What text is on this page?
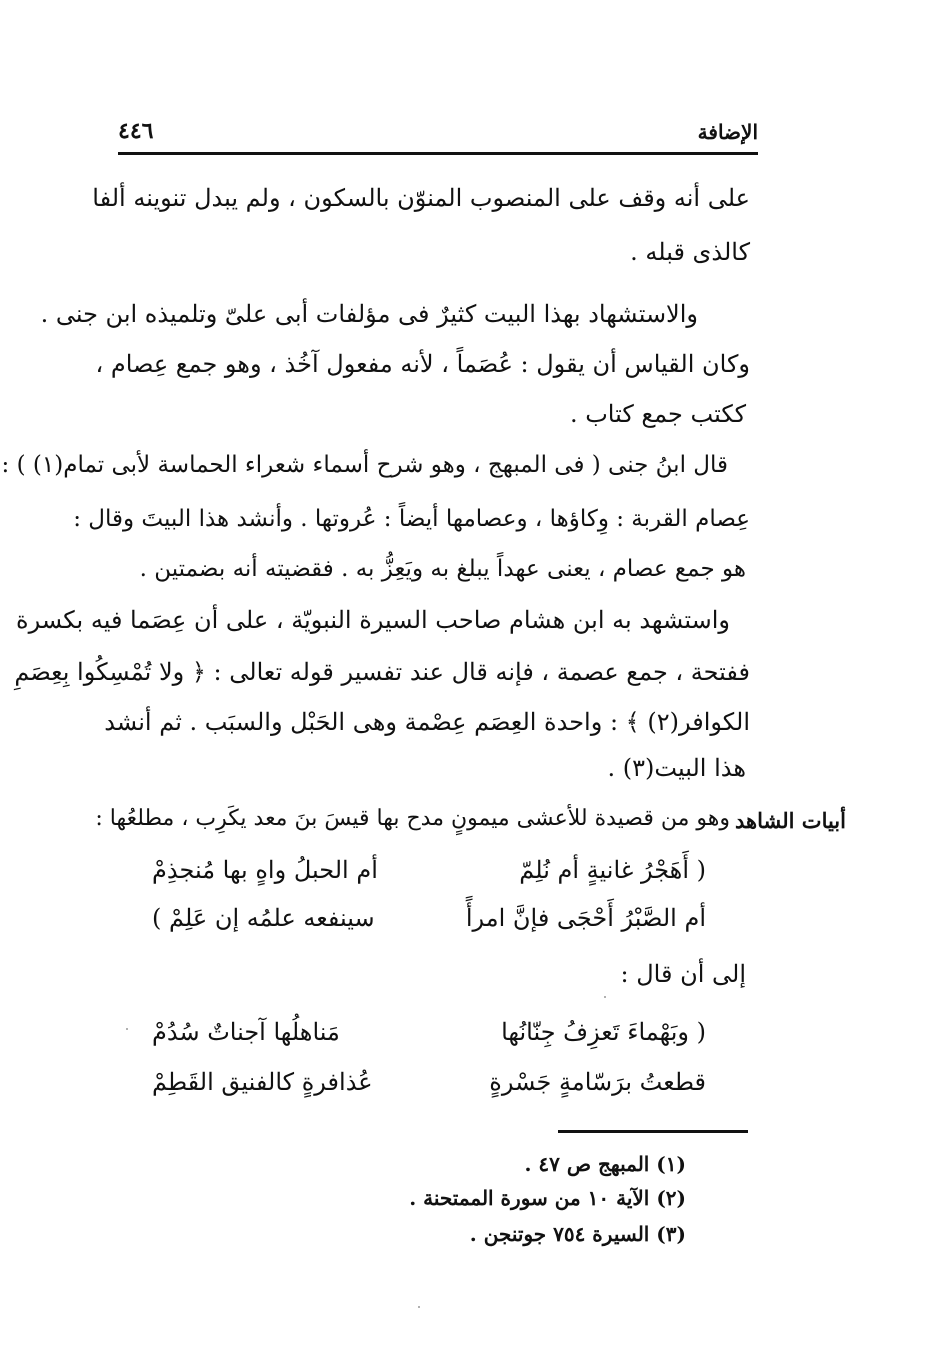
الإضافة
٤٤٦
على أنه وقف على المنصوب المنوّن بالسكون ، ولم يبدل تنوينه ألفا
كالذى قبله .
والاستشهاد بهذا البيت كثيرٌ فى مؤلفات أبى علىّ وتلميذه ابن جنى .
وكان القياس أن يقول : عُصَماً ، لأنه مفعول آخُذ ، وهو جمع عِصام ،
ككتب جمع كتاب .
قال ابنُ جنى ( فى المبهج ، وهو شرح أسماء شعراء الحماسة لأبى تمام(١) ) :
عِصام القربة : وِكاؤها ، وعصامها أيضاً : عُروتها . وأنشد هذا البيتَ وقال :
هو جمع عصام ، يعنى عهداً يبلغ به ويَعِزُّ به . فقضيته أنه بضمتين .
واستشهد به ابن هشام صاحب السيرة النبويّة ، على أن عِصَما فيه بكسرة
ففتحة ، جمع عصمة ، فإنه قال عند تفسير قوله تعالى : ﴿ ولا تُمْسِكُوا بِعِصَمِ
الكوافر(٢) ﴾ : واحدة العِصَم عِصْمة وهى الحَبْل والسبَب . ثم أنشد
هذا البيت(٣) .
أبيات الشاهد
وهو من قصيدة للأعشى ميمونٍ مدح بها قيسَ بنَ معد يكَرِب ، مطلعُها :
( أَهَجْرُ غانيةٍ أم نُلِمّ
أم الحبلُ واهٍ بها مُنجذِمْ
أم الصَّبْرُ أَحْجَى فإنَّ امرأً
سينفعه علمُه إن عَلِمْ )
إلى أن قال :
( وبَهْماءَ تَعزِفُ جِنّانُها
مَناهلُها آجناتٌ سُدُمْ
قطعتُ برَسّامةٍ جَسْرةٍ
عُذافرةٍ كالفنيق القَطِمْ
(١) المبهج ص ٤٧ .
(٢) الآية ١٠ من سورة الممتحنة .
(٣) السيرة ٧٥٤ جوتنجن .
